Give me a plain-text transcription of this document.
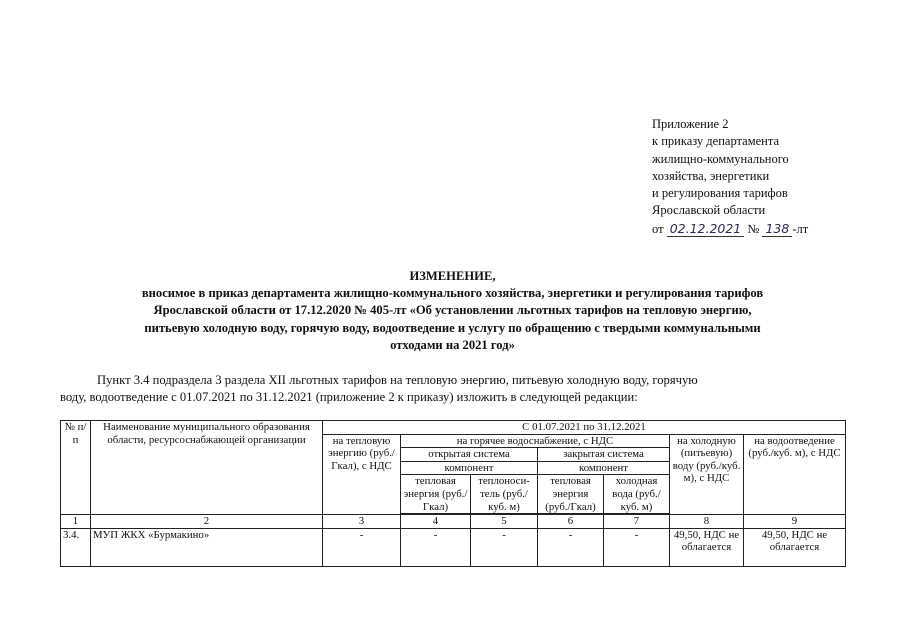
Приложение 2
к приказу департамента
жилищно-коммунального
хозяйства, энергетики
и регулирования тарифов
Ярославской области
от 02.12.2021 № 138 -лт
ИЗМЕНЕНИЕ,
вносимое в приказ департамента жилищно-коммунального хозяйства, энергетики и регулирования тарифов
Ярославской области от 17.12.2020 № 405-лт «Об установлении льготных тарифов на тепловую энергию,
питьевую холодную воду, горячую воду, водоотведение и услугу по обращению с твердыми коммунальными
отходами на 2021 год»
Пункт 3.4 подраздела 3 раздела XII льготных тарифов на тепловую энергию, питьевую холодную воду, горячую
воду, водоотведение с 01.07.2021 по 31.12.2021 (приложение 2 к приказу) изложить в следующей редакции:
№ п/п	Наименование муниципального образования области, ресурсоснабжающей организации	С 01.07.2021 по 31.12.2021						
		на тепловую энергию (руб./Гкал), с НДС	на горячее водоснабжение, с НДС				на холодную (питьевую) воду (руб./куб. м), с НДС	на водоотведение (руб./куб. м), с НДС
			открытая система		закрытая система			
			компонент		компонент			
			тепловая энергия (руб./Гкал)	теплоноси-тель (руб./ куб. м)	тепловая энергия (руб./Гкал)	холодная вода (руб./ куб. м)		

1	2	3	4	5	6	7	8	9
3.4.	МУП ЖКХ «Бурмакино»	-	-	-	-	-	49,50, НДС не облагается	49,50, НДС не облагается
